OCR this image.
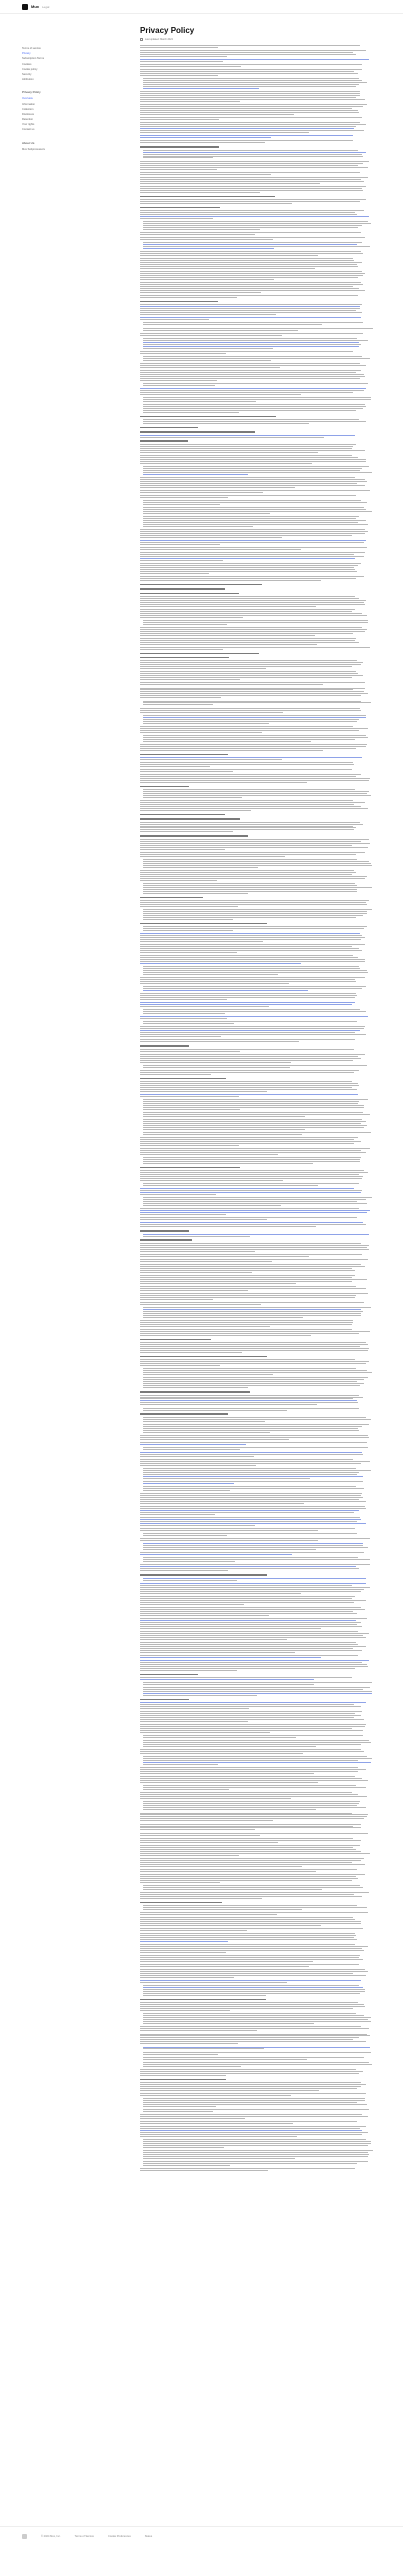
Mux Legal
Terms of service
Privacy
Subscription Terms
Cookies
Cookie policy
Security
Attribution
Privacy Policy
Overview
Information
Collection
Disclosure
Retention
Your rights
Contact us
About Us
Mux Subprocessors
Privacy Policy
Last updated: March 2024
© 2024 Mux, Inc.	Terms of Service	Cookie Preferences	Status
